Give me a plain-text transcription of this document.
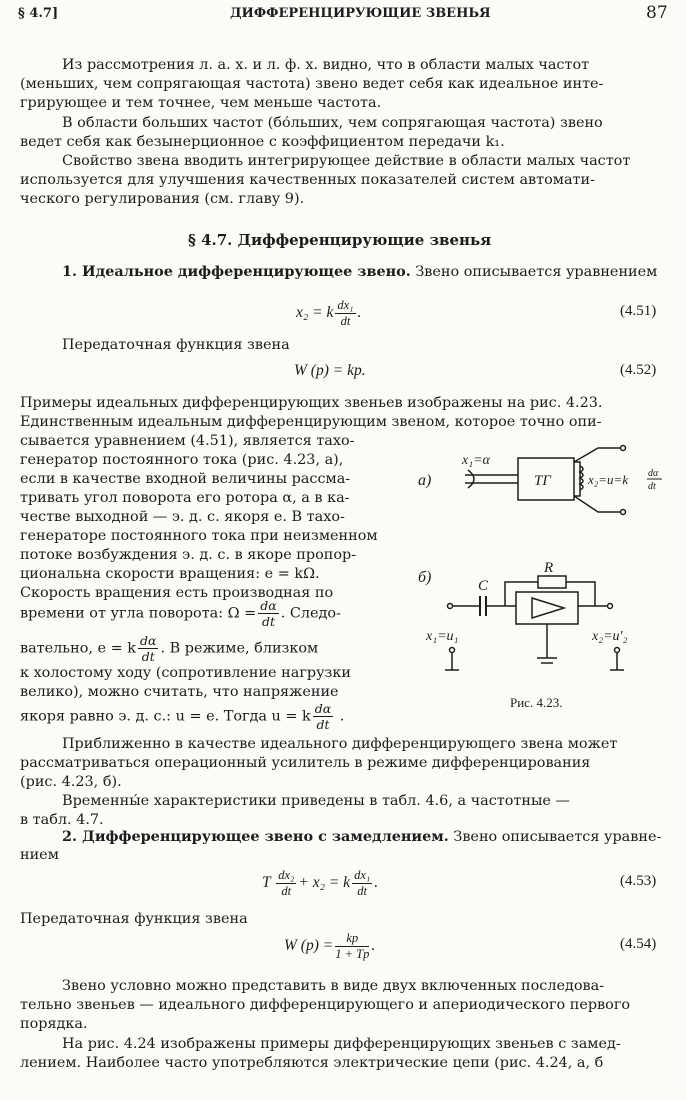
§ 4.7]	ДИФФЕРЕНЦИРУЮЩИЕ ЗВЕНЬЯ	87
Из рассмотрения л. а. х. и л. ф. х. видно, что в области малых частот
(меньших, чем сопрягающая частота) звено ведет себя как идеальное инте-
грирующее и тем точнее, чем меньше частота.
В области больших частот (бо́льших, чем сопрягающая частота) звено
ведет себя как безынерционное с коэффициентом передачи k₁.
Свойство звена вводить интегрирующее действие в области малых частот
используется для улучшения качественных показателей систем автомати-
ческого регулирования (см. главу 9).
§ 4.7. Дифференцирующие звенья
1. Идеальное дифференцирующее звено. Звено описывается уравнением
x₂ = k $\frac{\text{dx₁}}{dt}$ .	(4.51)
Передаточная функция звена
W (p) = kp.	(4.52)
Примеры идеальных дифференцирующих звеньев изображены на рис. 4.23.
Единственным идеальным дифференцирующим звеном, которое точно опи-
сывается уравнением (4.51), является тахо-
генератор постоянного тока (рис. 4.23, а),
если в качестве входной величины рассма-
тривать угол поворота его ротора α, а в ка-
честве выходной — э. д. с. якоря е. В тахо-
генераторе постоянного тока при неизменном
потоке возбуждения э. д. с. в якоре пропор-
циональна скорости вращения: е = kΩ.
Скорость вращения есть производная по
времени от угла поворота: $\Omega = \frac{d\alpha}{dt}$ . Следо-
вательно, e = k $\frac{d\alpha}{dt}$ . В режиме, близком
к холостому ходу (сопротивление нагрузки
велико), можно считать, что напряжение
якоря равно э. д. с.: u = e. Тогда u = k $\frac{d\alpha}{dt}$ .
а)
x₁=α
ТГ	x₂=u=k dα
dt
б)	C
R
x₁=u₁	x₂=u′₂
Рис. 4.23.
Приближенно в качестве идеального дифференцирующего звена может
рассматриваться операционный усилитель в режиме дифференцирования
(рис. 4.23, б).
Временны́е характеристики приведены в табл. 4.6, а частотные —
в табл. 4.7.
2. Дифференцирующее звено с замедлением. Звено описывается уравне-
нием
T $\frac{\text{dx₂}}{dt} + x_2 = k \frac{\text{dx₁}}{dt}$ .	(4.53)
Передаточная функция звена
W $(p) = \frac{kp}{1 + Tp}$ .	(4.54)
Звено условно можно представить в виде двух включенных последова-
тельно звеньев — идеального дифференцирующего и апериодического первого
порядка.
На рис. 4.24 изображены примеры дифференцирующих звеньев с замед-
лением. Наиболее часто употребляются электрические цепи (рис. 4.24, а, б
